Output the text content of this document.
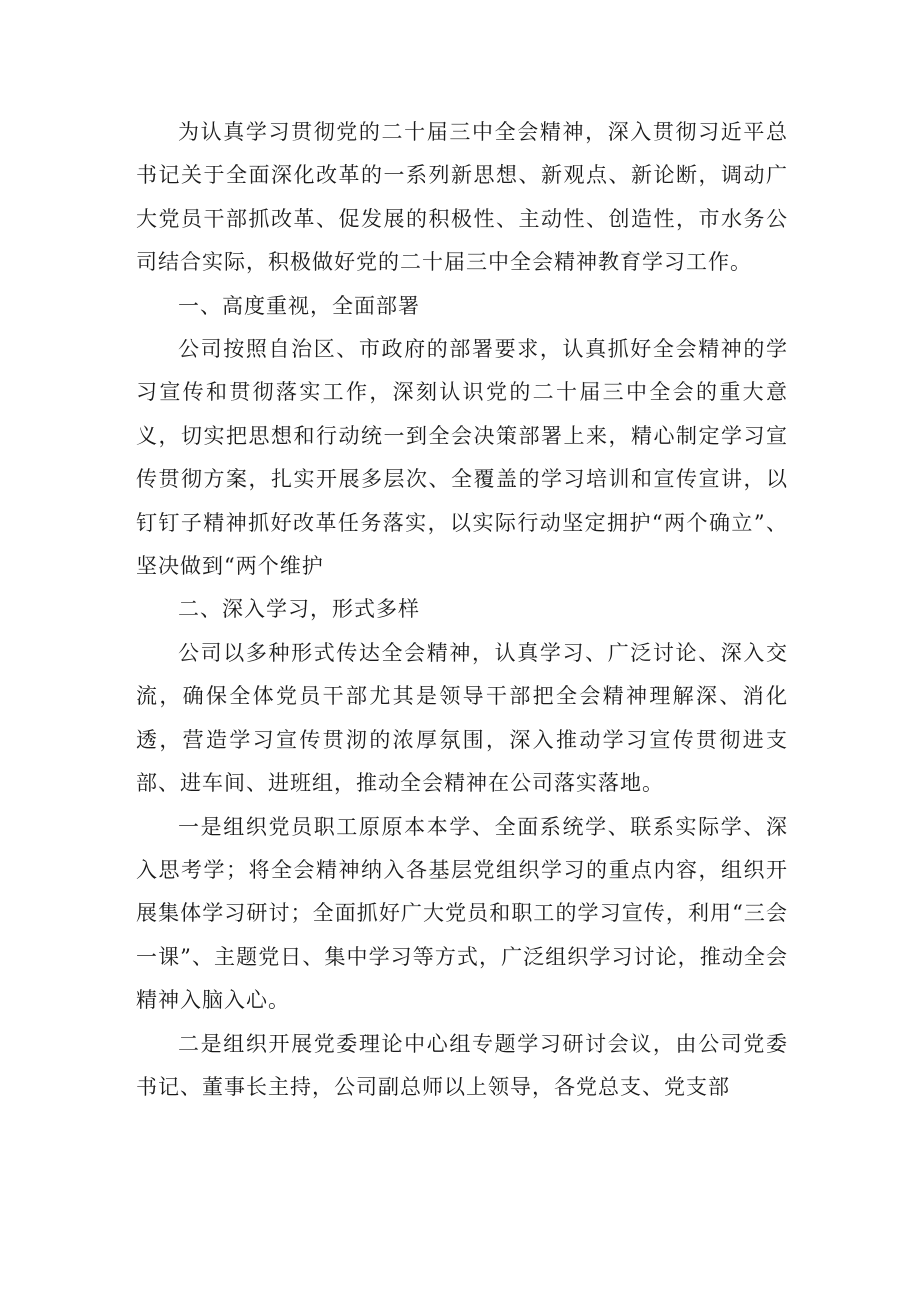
为认真学习贯彻党的二十届三中全会精神，深入贯彻习近平总书记关于全面深化改革的一系列新思想、新观点、新论断，调动广大党员干部抓改革、促发展的积极性、主动性、创造性，市水务公司结合实际，积极做好党的二十届三中全会精神教育学习工作。

一、高度重视，全面部署

公司按照自治区、市政府的部署要求，认真抓好全会精神的学习宣传和贯彻落实工作，深刻认识党的二十届三中全会的重大意义，切实把思想和行动统一到全会决策部署上来，精心制定学习宣传贯彻方案，扎实开展多层次、全覆盖的学习培训和宣传宣讲，以钉钉子精神抓好改革任务落实，以实际行动坚定拥护“两个确立”、坚决做到“两个维护

二、深入学习，形式多样

公司以多种形式传达全会精神，认真学习、广泛讨论、深入交流，确保全体党员干部尤其是领导干部把全会精神理解深、消化透，营造学习宣传贯沏的浓厚氛围，深入推动学习宣传贯彻进支部、进车间、进班组，推动全会精神在公司落实落地。

一是组织党员职工原原本本学、全面系统学、联系实际学、深入思考学；将全会精神纳入各基层党组织学习的重点内容，组织开展集体学习研讨；全面抓好广大党员和职工的学习宣传，利用“三会一课”、主题党日、集中学习等方式，广泛组织学习讨论，推动全会精神入脑入心。

二是组织开展党委理论中心组专题学习研讨会议，由公司党委书记、董事长主持，公司副总师以上领导，各党总支、党支部
